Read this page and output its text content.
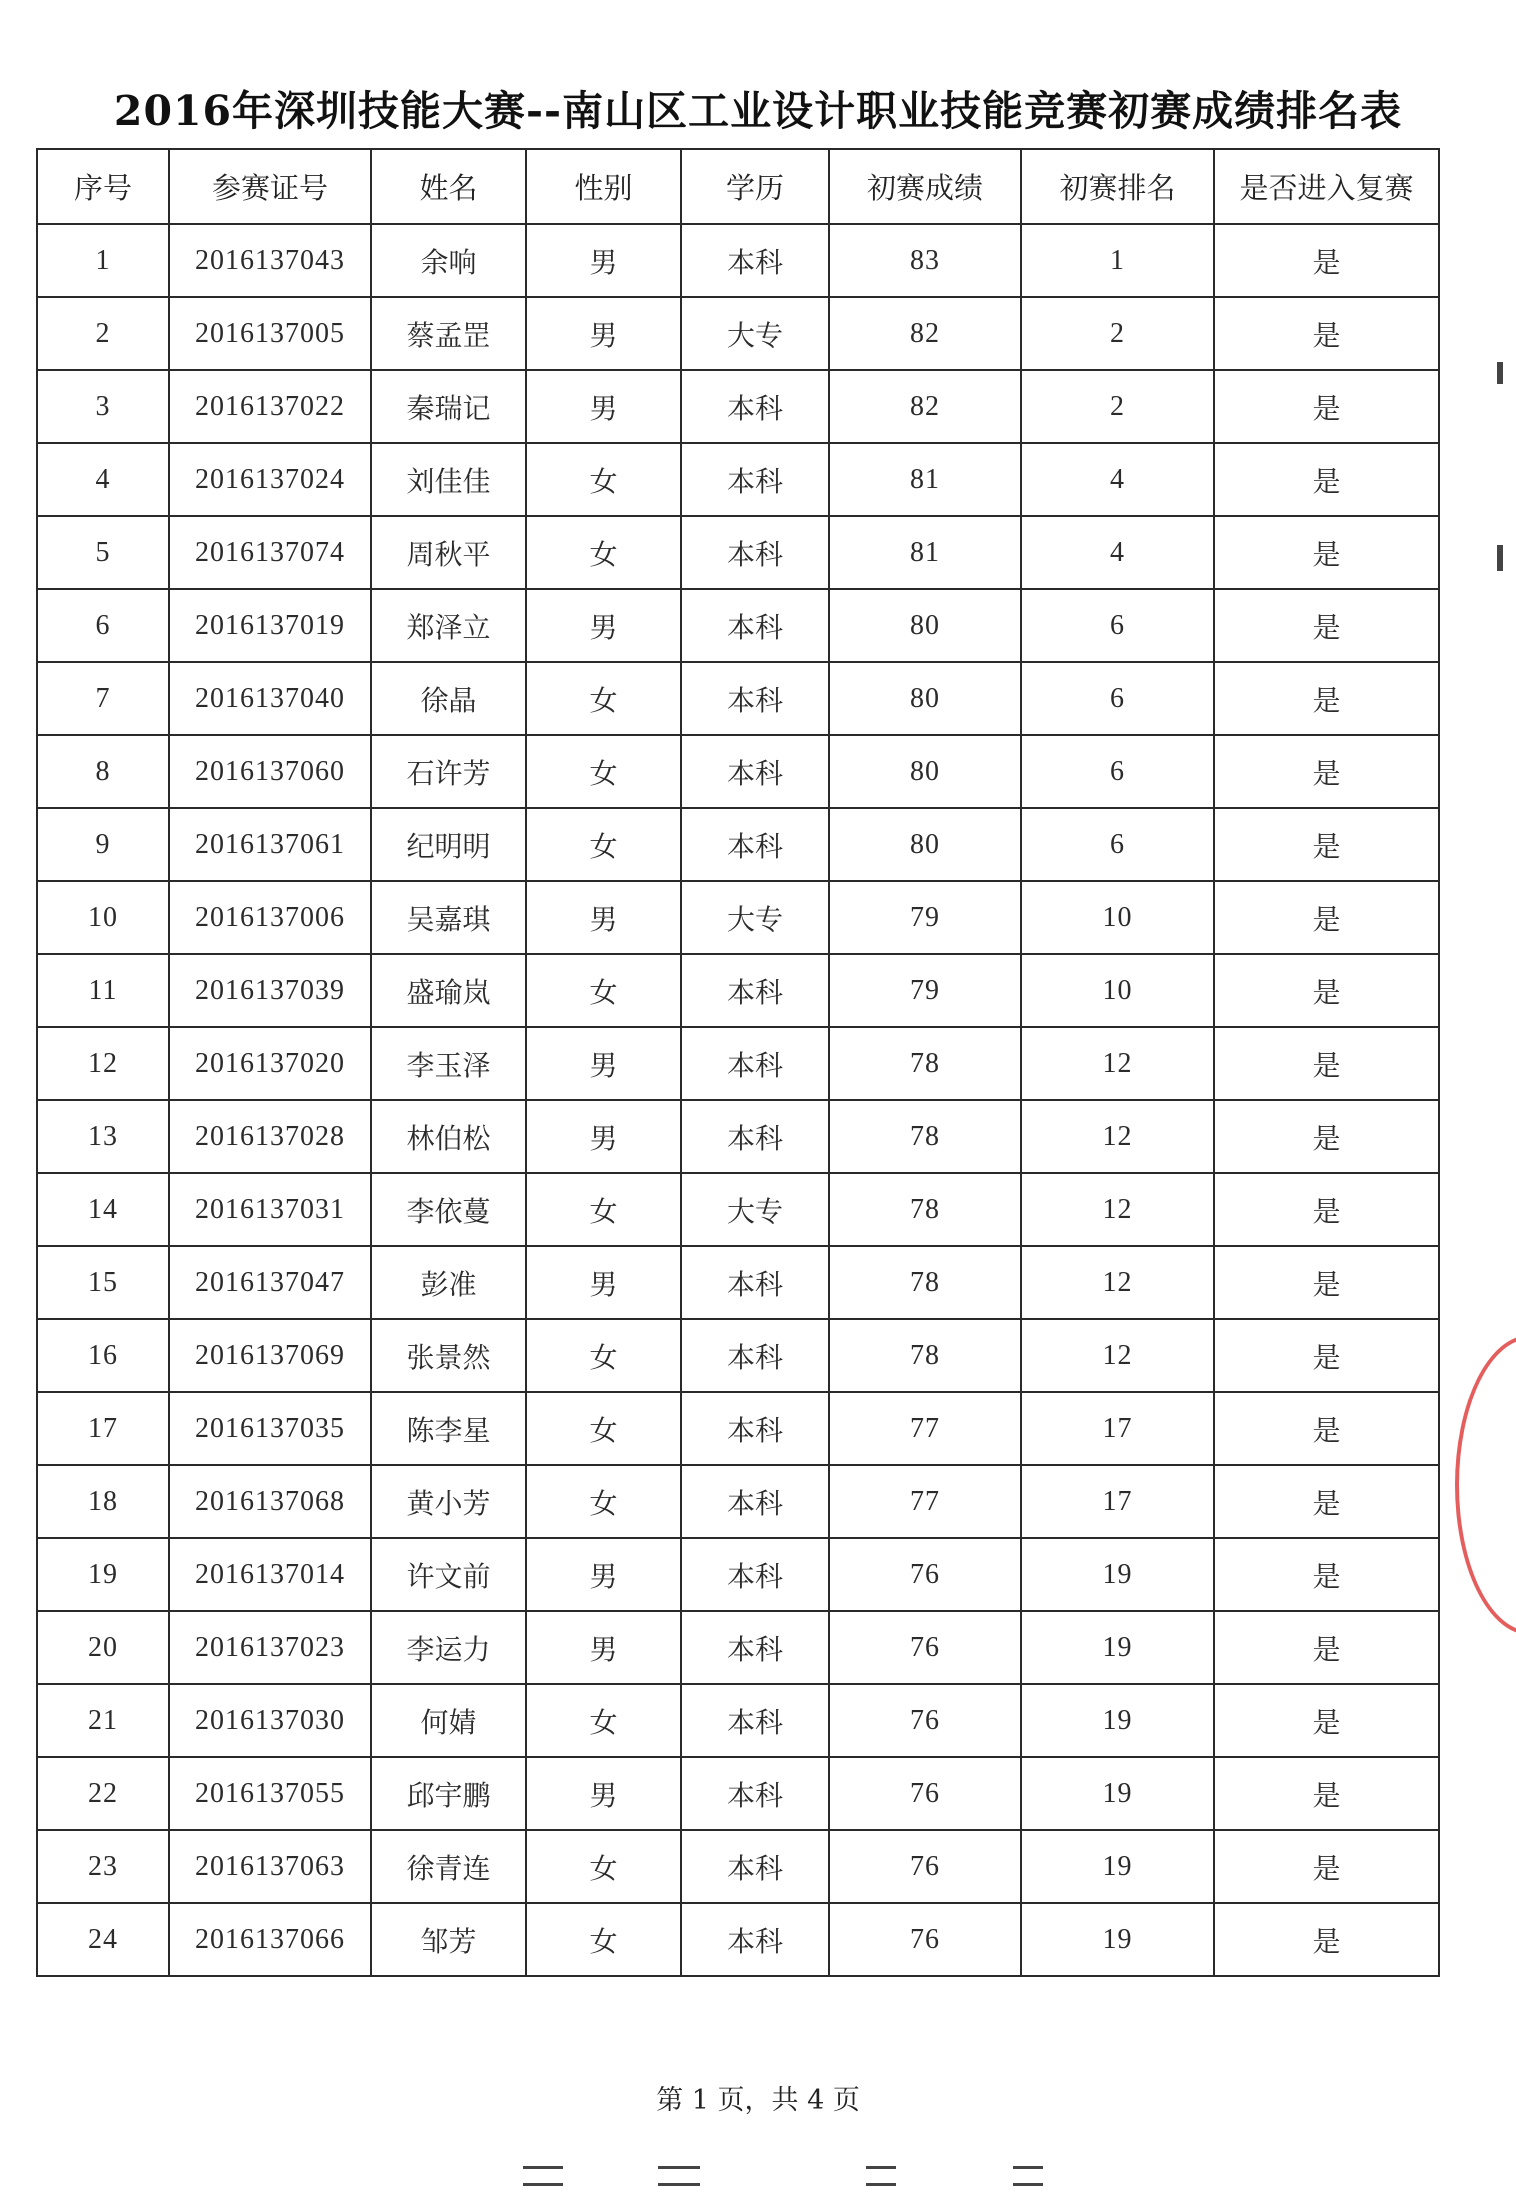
2016年深圳技能大赛--南山区工业设计职业技能竞赛初赛成绩排名表
序号	参赛证号	姓名	性别	学历	初赛成绩	初赛排名	是否进入复赛
1	2016137043	余响	男	本科	83	1	是
2	2016137005	蔡孟罡	男	大专	82	2	是
3	2016137022	秦瑞记	男	本科	82	2	是
4	2016137024	刘佳佳	女	本科	81	4	是
5	2016137074	周秋平	女	本科	81	4	是
6	2016137019	郑泽立	男	本科	80	6	是
7	2016137040	徐晶	女	本科	80	6	是
8	2016137060	石许芳	女	本科	80	6	是
9	2016137061	纪明明	女	本科	80	6	是
10	2016137006	吴嘉琪	男	大专	79	10	是
11	2016137039	盛瑜岚	女	本科	79	10	是
12	2016137020	李玉泽	男	本科	78	12	是
13	2016137028	林伯松	男	本科	78	12	是
14	2016137031	李依蔓	女	大专	78	12	是
15	2016137047	彭准	男	本科	78	12	是
16	2016137069	张景然	女	本科	78	12	是
17	2016137035	陈李星	女	本科	77	17	是
18	2016137068	黄小芳	女	本科	77	17	是
19	2016137014	许文前	男	本科	76	19	是
20	2016137023	李运力	男	本科	76	19	是
21	2016137030	何婧	女	本科	76	19	是
22	2016137055	邱宇鹏	男	本科	76	19	是
23	2016137063	徐青连	女	本科	76	19	是
24	2016137066	邹芳	女	本科	76	19	是
第 1 页，共 4 页
